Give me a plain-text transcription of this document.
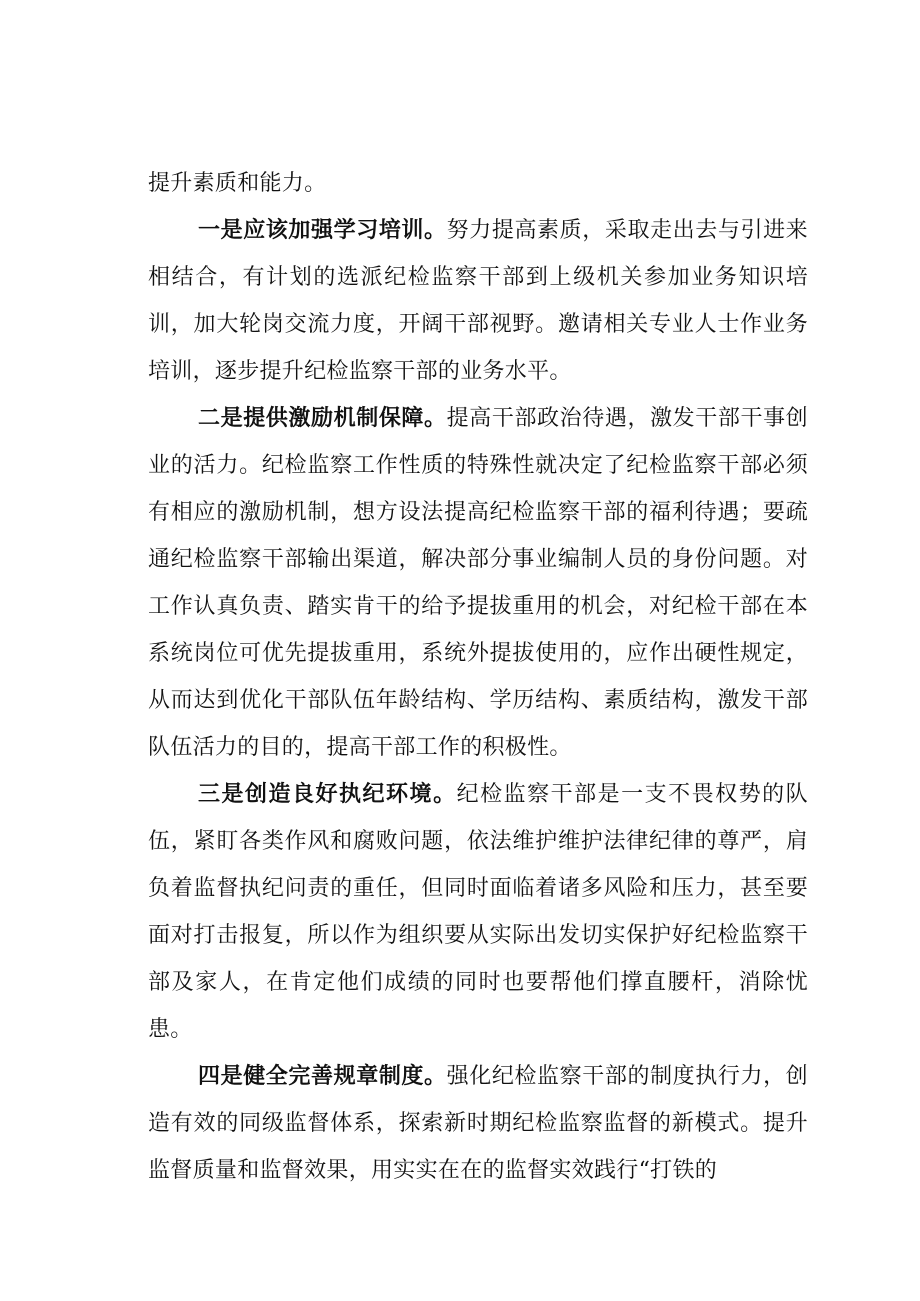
提升素质和能力。

一是应该加强学习培训。努力提高素质，采取走出去与引进来相结合，有计划的选派纪检监察干部到上级机关参加业务知识培训，加大轮岗交流力度，开阔干部视野。邀请相关专业人士作业务培训，逐步提升纪检监察干部的业务水平。

二是提供激励机制保障。提高干部政治待遇，激发干部干事创业的活力。纪检监察工作性质的特殊性就决定了纪检监察干部必须有相应的激励机制，想方设法提高纪检监察干部的福利待遇；要疏通纪检监察干部输出渠道，解决部分事业编制人员的身份问题。对工作认真负责、踏实肯干的给予提拔重用的机会，对纪检干部在本系统岗位可优先提拔重用，系统外提拔使用的，应作出硬性规定，从而达到优化干部队伍年龄结构、学历结构、素质结构，激发干部队伍活力的目的，提高干部工作的积极性。

三是创造良好执纪环境。纪检监察干部是一支不畏权势的队伍，紧盯各类作风和腐败问题，依法维护维护法律纪律的尊严，肩负着监督执纪问责的重任，但同时面临着诸多风险和压力，甚至要面对打击报复，所以作为组织要从实际出发切实保护好纪检监察干部及家人，在肯定他们成绩的同时也要帮他们撑直腰杆，消除忧患。

四是健全完善规章制度。强化纪检监察干部的制度执行力，创造有效的同级监督体系，探索新时期纪检监察监督的新模式。提升监督质量和监督效果，用实实在在的监督实效践行“打铁的
